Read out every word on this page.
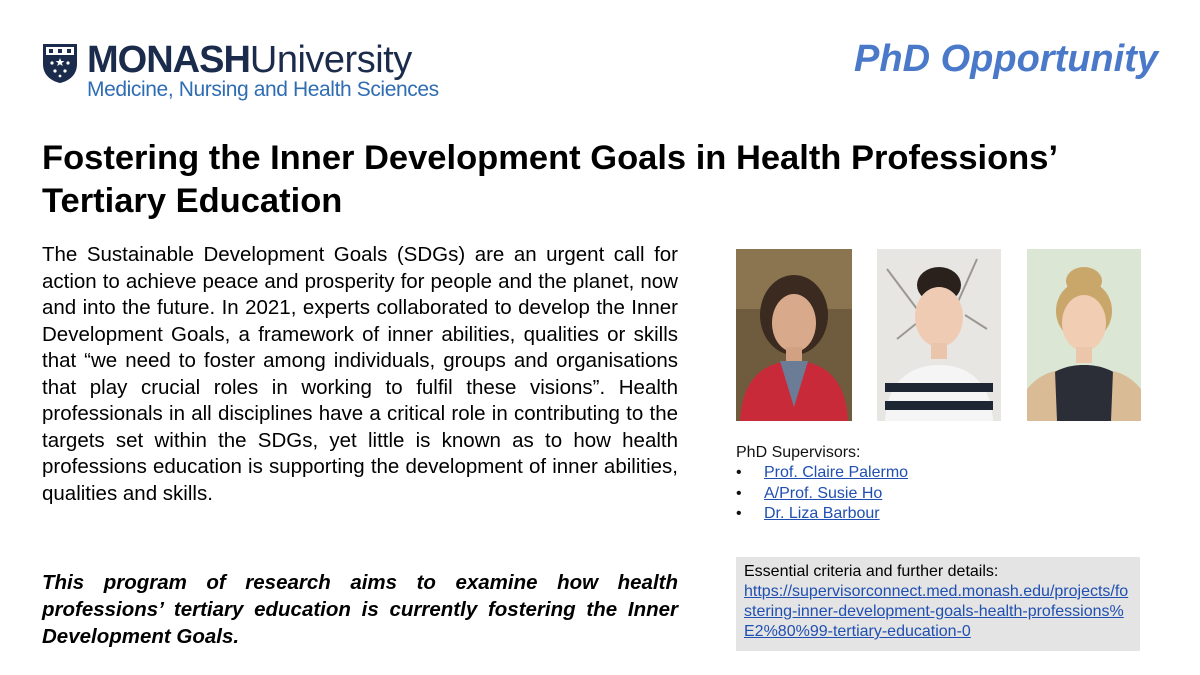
MONASHUniversity
Medicine, Nursing and Health Sciences
PhD Opportunity
Fostering the Inner Development Goals in Health Professions’ Tertiary Education

The Sustainable Development Goals (SDGs) are an urgent call for action to achieve peace and prosperity for people and the planet, now and into the future. In 2021, experts collaborated to develop the Inner Development Goals, a framework of inner abilities, qualities or skills that “we need to foster among individuals, groups and organisations that play crucial roles in working to fulfil these visions”. Health professionals in all disciplines have a critical role in contributing to the targets set within the SDGs, yet little is known as to how health professions education is supporting the development of inner abilities, qualities and skills.

This program of research aims to examine how health professions’ tertiary education is currently fostering the Inner Development Goals.

PhD Supervisors:
• Prof. Claire Palermo
• A/Prof. Susie Ho
• Dr. Liza Barbour
Essential criteria and further details:
https://supervisorconnect.med.monash.edu/projects/fostering-inner-development-goals-health-professions%E2%80%99-tertiary-education-0
